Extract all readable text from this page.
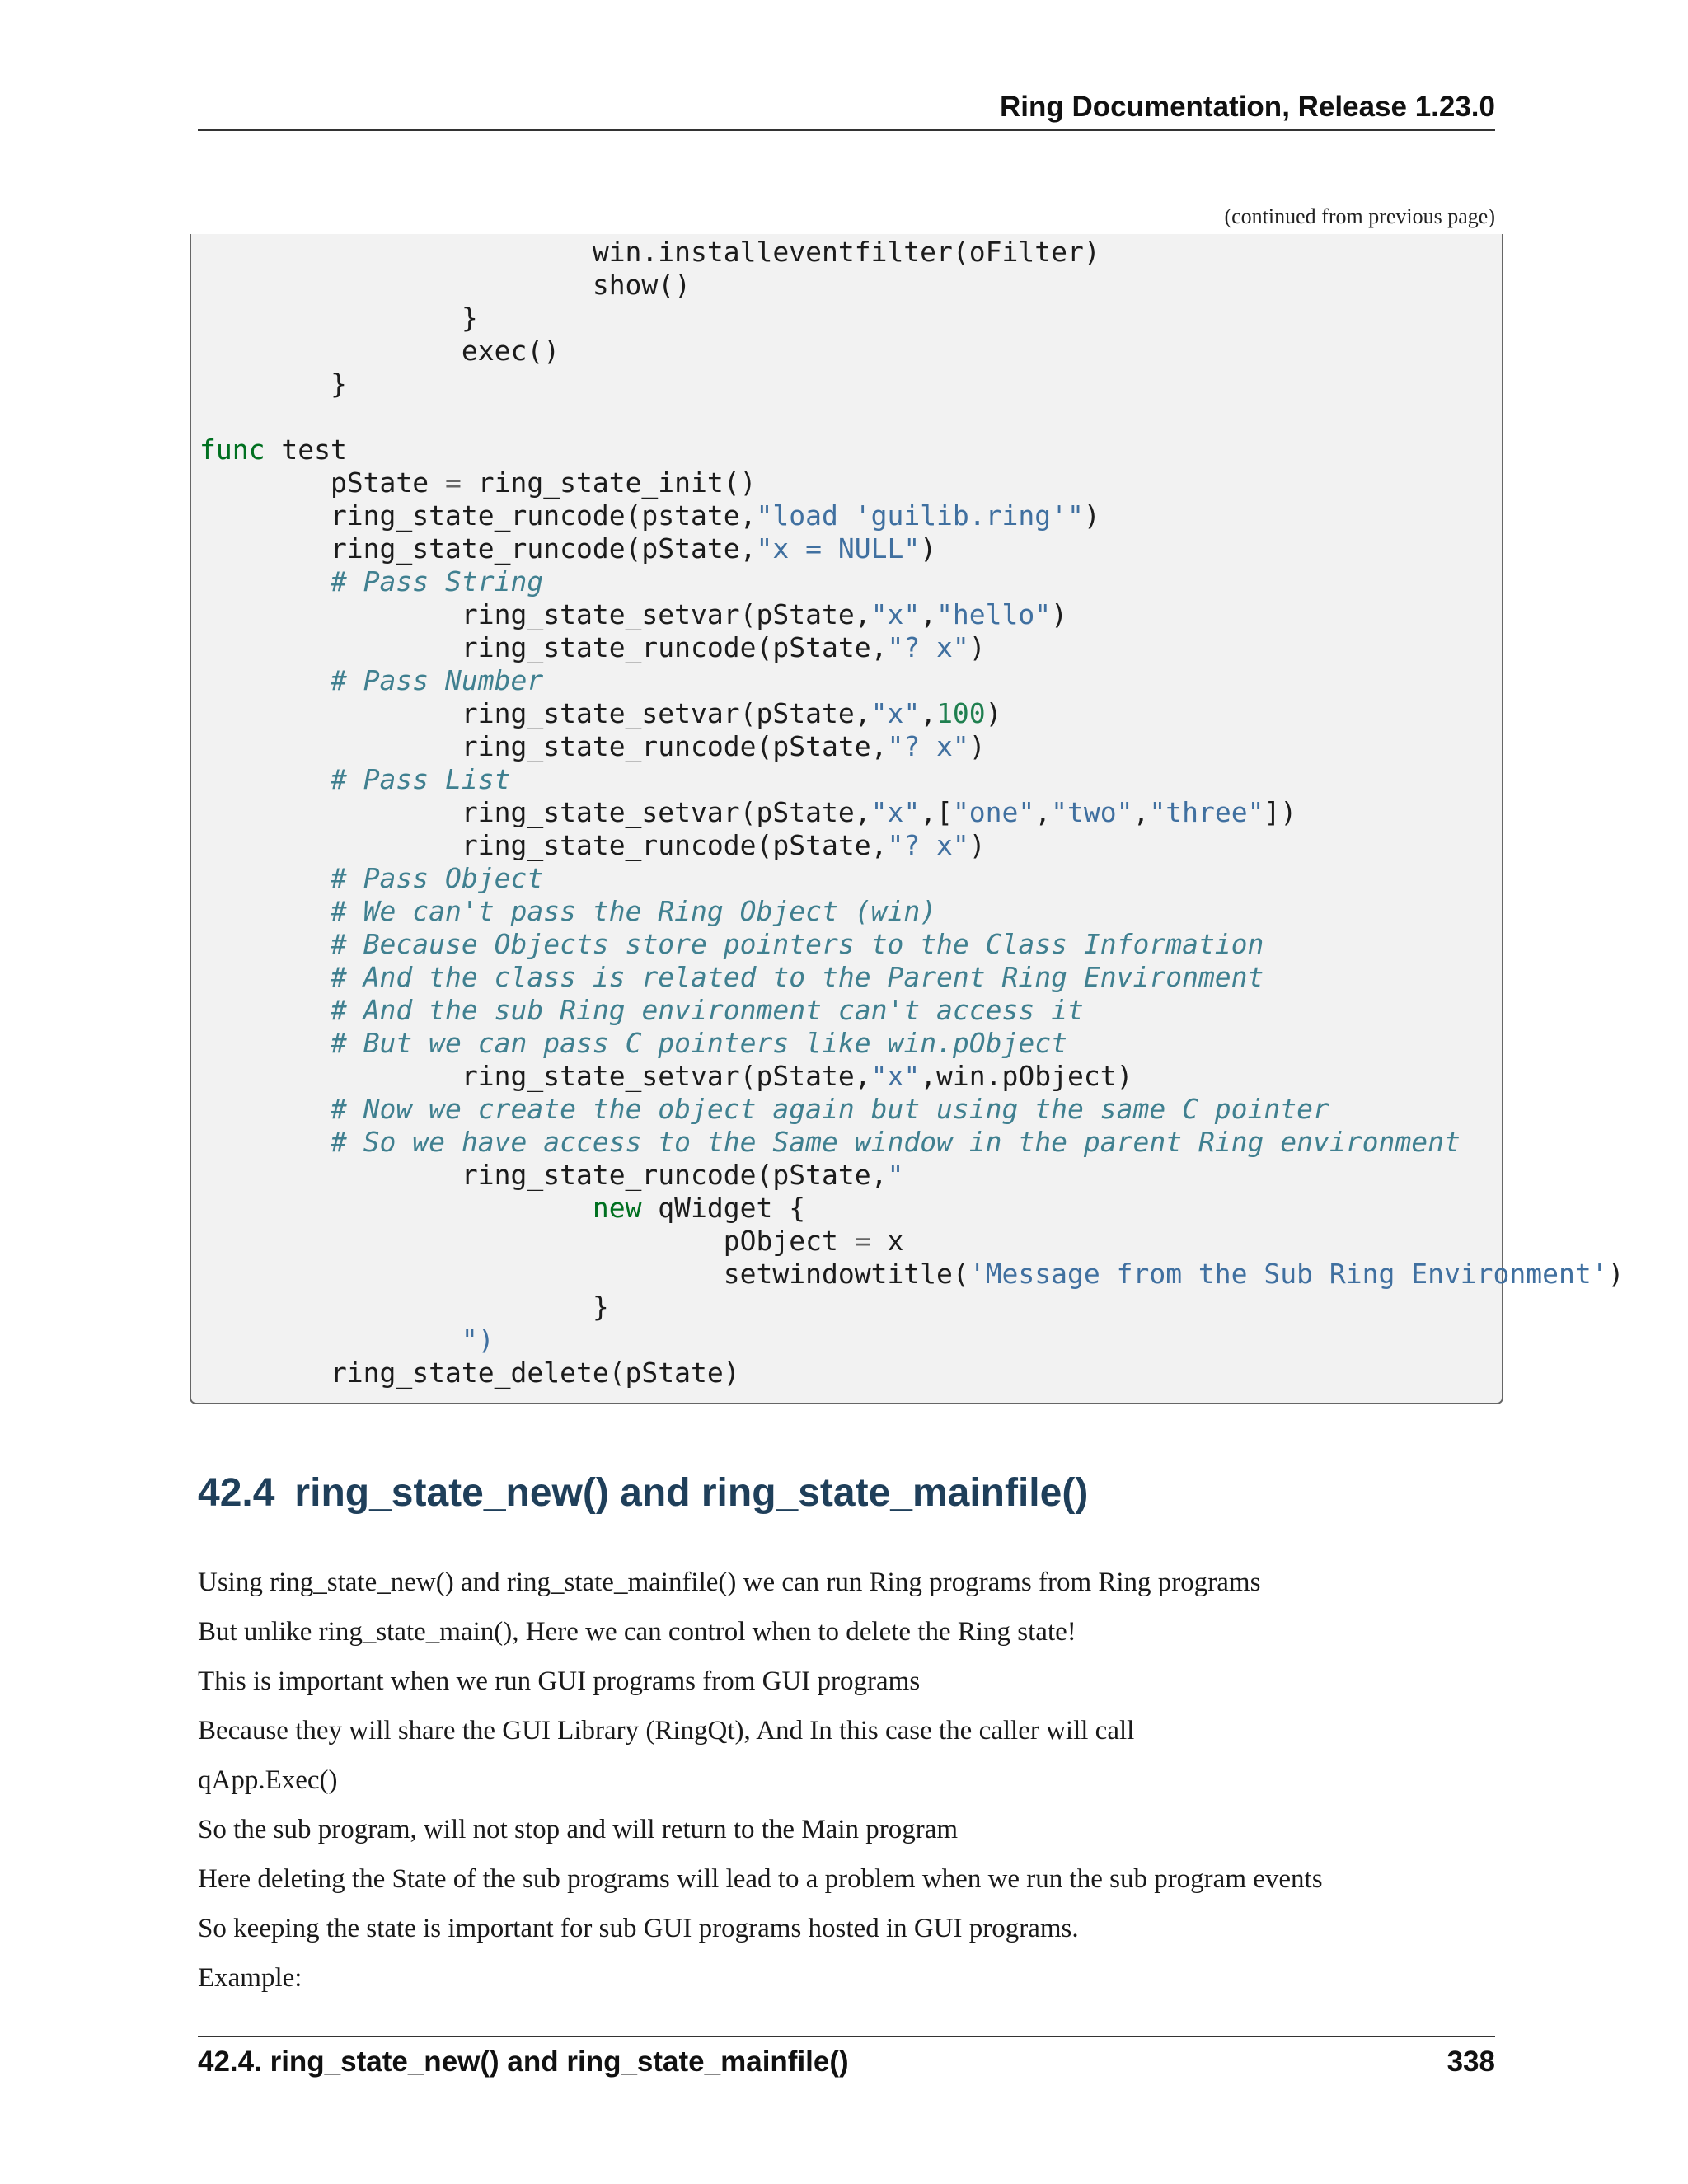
Ring Documentation, Release 1.23.0
(continued from previous page)
win.installeventfilter(oFilter)
show()
}
exec()
}
func test
pState = ring_state_init()
ring_state_runcode(pstate,"load 'guilib.ring'")
ring_state_runcode(pState,"x = NULL")
# Pass String
ring_state_setvar(pState,"x","hello")
ring_state_runcode(pState,"? x")
# Pass Number
ring_state_setvar(pState,"x",100)
ring_state_runcode(pState,"? x")
# Pass List
ring_state_setvar(pState,"x",["one","two","three"])
ring_state_runcode(pState,"? x")
# Pass Object
# We can't pass the Ring Object (win)
# Because Objects store pointers to the Class Information
# And the class is related to the Parent Ring Environment
# And the sub Ring environment can't access it
# But we can pass C pointers like win.pObject
ring_state_setvar(pState,"x",win.pObject)
# Now we create the object again but using the same C pointer
# So we have access to the Same window in the parent Ring environment
ring_state_runcode(pState,"
new qWidget {
pObject = x
setwindowtitle('Message from the Sub Ring Environment')
}
")
ring_state_delete(pState)
42.4 ring_state_new() and ring_state_mainfile()

Using ring_state_new() and ring_state_mainfile() we can run Ring programs from Ring programs

But unlike ring_state_main(), Here we can control when to delete the Ring state!

This is important when we run GUI programs from GUI programs

Because they will share the GUI Library (RingQt), And In this case the caller will call

qApp.Exec()

So the sub program, will not stop and will return to the Main program

Here deleting the State of the sub programs will lead to a problem when we run the sub program events

So keeping the state is important for sub GUI programs hosted in GUI programs.

Example:

42.4. ring_state_new() and ring_state_mainfile()	338
